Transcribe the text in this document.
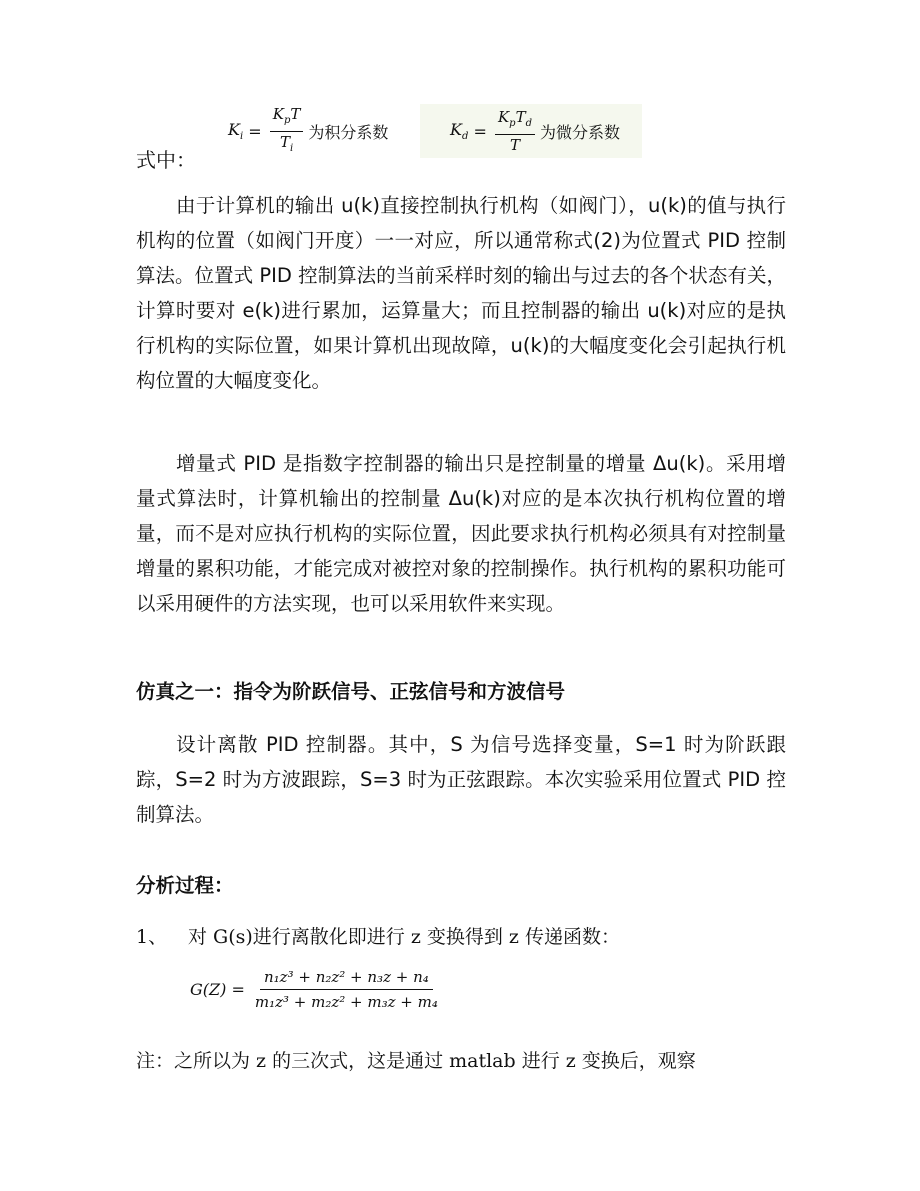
式中：
$K_i = \frac{K_pT}{T_i}$ 为积分系数	$K_d = \frac{K_pT_d}{T}$ 为微分系数

由于计算机的输出 u(k)直接控制执行机构（如阀门），u(k)的值与执行机构的位置（如阀门开度）一一对应，所以通常称式(2)为位置式 PID 控制算法。位置式 PID 控制算法的当前采样时刻的输出与过去的各个状态有关，计算时要对 e(k)进行累加，运算量大；而且控制器的输出 u(k)对应的是执行机构的实际位置，如果计算机出现故障，u(k)的大幅度变化会引起执行机构位置的大幅度变化。

增量式 PID 是指数字控制器的输出只是控制量的增量 Δu(k)。采用增量式算法时，计算机输出的控制量 Δu(k)对应的是本次执行机构位置的增量，而不是对应执行机构的实际位置，因此要求执行机构必须具有对控制量增量的累积功能，才能完成对被控对象的控制操作。执行机构的累积功能可以采用硬件的方法实现，也可以采用软件来实现。

仿真之一：指令为阶跃信号、正弦信号和方波信号

设计离散 PID 控制器。其中，S 为信号选择变量，S=1 时为阶跃跟踪，S=2 时为方波跟踪，S=3 时为正弦跟踪。本次实验采用位置式 PID 控制算法。

分析过程：
1、 对 G(s)进行离散化即进行 z 变换得到 z 传递函数：
$G(Z) = \frac{\text{n₁z³ + n₂z² + n₃z + n₄}}{\text{m₁z³ + m₂z² + m₃z + m₄}}$
注：之所以为 z 的三次式，这是通过 matlab 进行 z 变换后，观察
